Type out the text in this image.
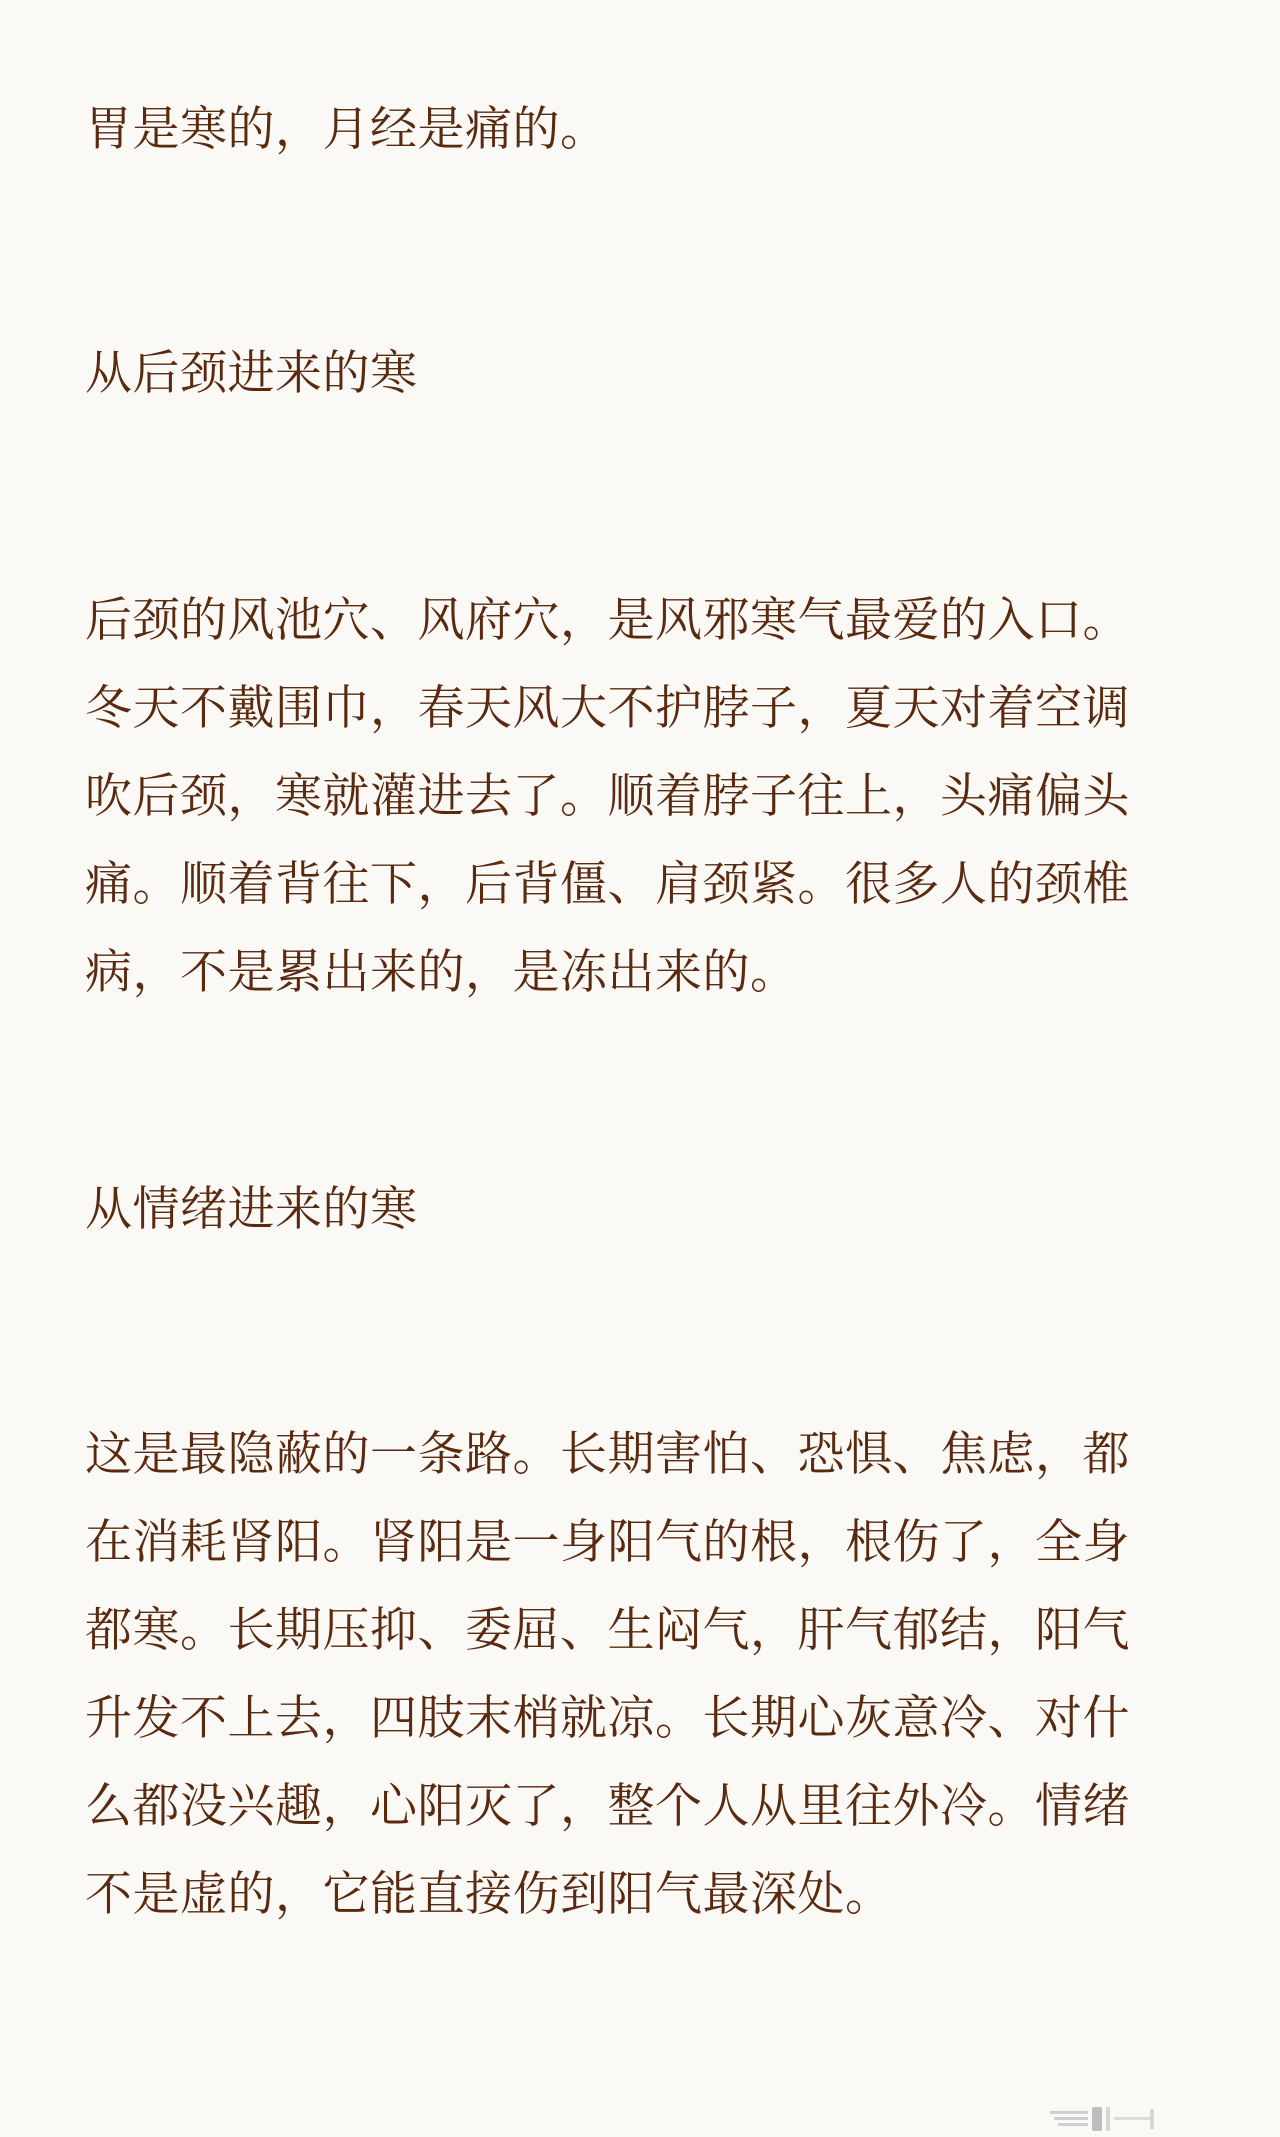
胃是寒的，月经是痛的。

从后颈进来的寒

后颈的风池穴、风府穴，是风邪寒气最爱的入口。
冬天不戴围巾，春天风大不护脖子，夏天对着空调
吹后颈，寒就灌进去了。顺着脖子往上，头痛偏头
痛。顺着背往下，后背僵、肩颈紧。很多人的颈椎
病，不是累出来的，是冻出来的。

从情绪进来的寒

这是最隐蔽的一条路。长期害怕、恐惧、焦虑，都
在消耗肾阳。肾阳是一身阳气的根，根伤了，全身
都寒。长期压抑、委屈、生闷气，肝气郁结，阳气
升发不上去，四肢末梢就凉。长期心灰意冷、对什
么都没兴趣，心阳灭了，整个人从里往外冷。情绪
不是虚的，它能直接伤到阳气最深处。
